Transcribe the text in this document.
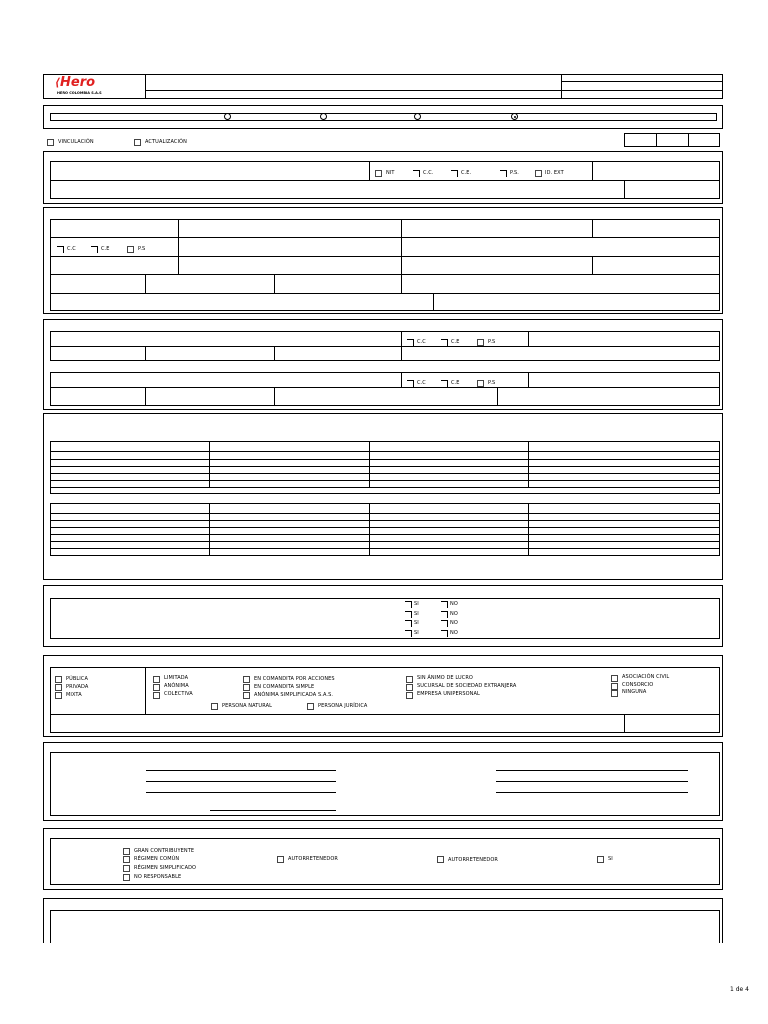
⟨Hero
HERO COLOMBIA S.A.S
VINCULACIÓN	ACTUALIZACIÓN
NIT	C.C.	C.E.	P.S.	ID. EXT
C.C	C.E	P.S
C.C	C.E	P.S
C.C	C.E	P.S
SI	NO
SI	NO
SI	NO
SI	NO
PÚBLICA
PRIVADA
MIXTA
LIMITADA
ANÓNIMA
COLECTIVA
EN COMANDITA POR ACCIONES
EN COMANDITA SIMPLE
ANÓNIMA SIMPLIFICADA S.A.S.
SIN ÁNIMO DE LUCRO
SUCURSAL DE SOCIEDAD EXTRANJERA
EMPRESA UNIPERSONAL
ASOCIACIÓN CIVIL
CONSORCIO
NINGUNA
PERSONA NATURAL	PERSONA JURÍDICA
GRAN CONTRIBUYENTE
RÉGIMEN COMÚN
RÉGIMEN SIMPLIFICADO
NO RESPONSABLE
AUTORRETENEDOR	AUTORRETENEDOR	SI
1 de 4
